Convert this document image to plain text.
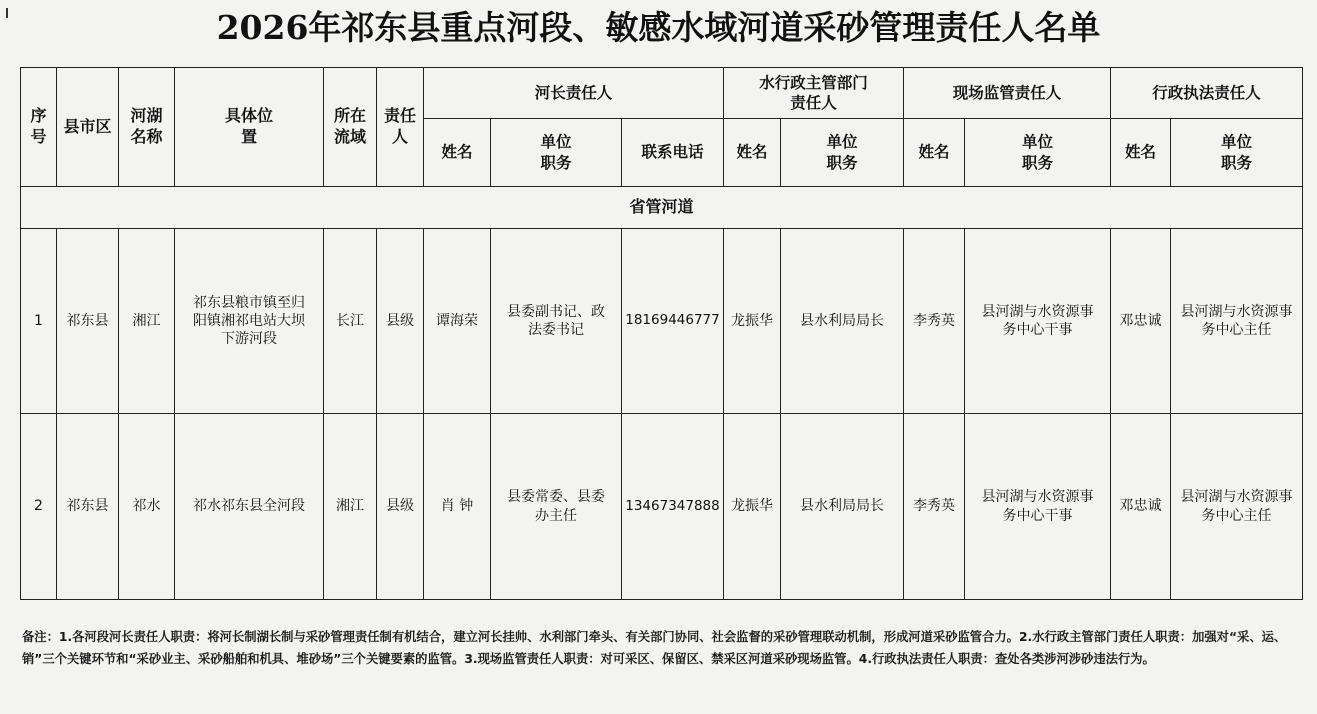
2026年祁东县重点河段、敏感水域河道采砂管理责任人名单
序号	县市区	河湖名称	具体位置	所在流域	责任人	河长责任人			水行政主管部门责任人		现场监管责任人		行政执法责任人	
						姓名	单位职务	联系电话	姓名	单位职务	姓名	单位职务	姓名	单位职务
省管河道														
1	祁东县	湘江	祁东县粮市镇至归阳镇湘祁电站大坝下游河段	长江	县级	谭海荣	县委副书记、政法委书记	18169446777	龙振华	县水利局局长	李秀英	县河湖与水资源事务中心干事	邓忠诚	县河湖与水资源事务中心主任
2	祁东县	祁水	祁水祁东县全河段	湘江	县级	肖 钟	县委常委、县委办主任	13467347888	龙振华	县水利局局长	李秀英	县河湖与水资源事务中心干事	邓忠诚	县河湖与水资源事务中心主任
备注：1.各河段河长责任人职责：将河长制湖长制与采砂管理责任制有机结合，建立河长挂帅、水利部门牵头、有关部门协同、社会监督的采砂管理联动机制，形成河道采砂监管合力。2.水行政主管部门责任人职责：加强对“采、运、销”三个关键环节和“采砂业主、采砂船舶和机具、堆砂场”三个关键要素的监管。3.现场监管责任人职责：对可采区、保留区、禁采区河道采砂现场监管。4.行政执法责任人职责：查处各类涉河涉砂违法行为。
